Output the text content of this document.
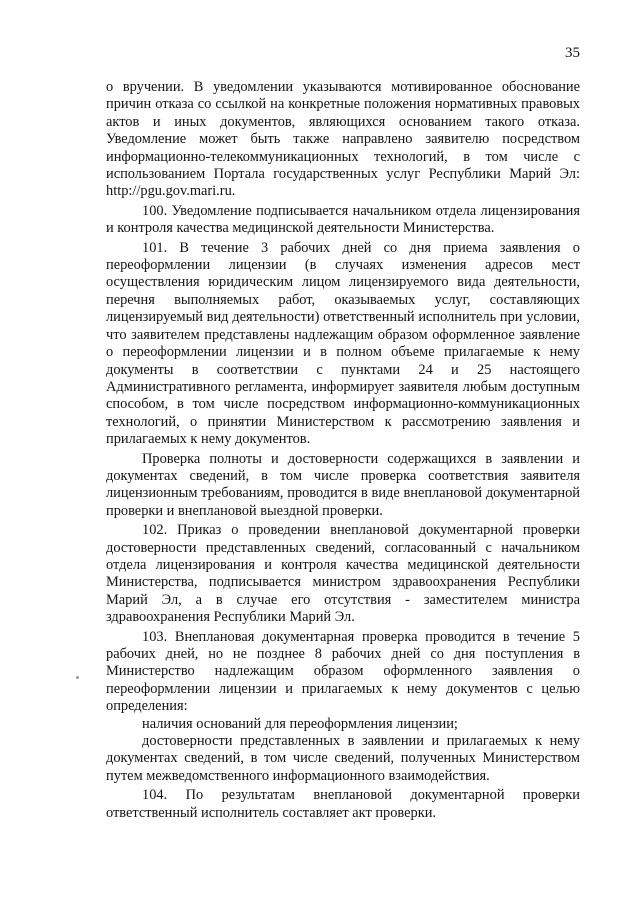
35

о вручении. В уведомлении указываются мотивированное обоснование причин отказа со ссылкой на конкретные положения нормативных правовых актов и иных документов, являющихся основанием такого отказа. Уведомление может быть также направлено заявителю посредством информационно-телекоммуникационных технологий, в том числе с использованием Портала государственных услуг Республики Марий Эл: http://pgu.gov.mari.ru.

100. Уведомление подписывается начальником отдела лицензирования и контроля качества медицинской деятельности Министерства.

101. В течение 3 рабочих дней со дня приема заявления о переоформлении лицензии (в случаях изменения адресов мест осуществления юридическим лицом лицензируемого вида деятельности, перечня выполняемых работ, оказываемых услуг, составляющих лицензируемый вид деятельности) ответственный исполнитель при условии, что заявителем представлены надлежащим образом оформленное заявление о переоформлении лицензии и в полном объеме прилагаемые к нему документы в соответствии с пунктами 24 и 25 настоящего Административного регламента, информирует заявителя любым доступным способом, в том числе посредством информационно-коммуникационных технологий, о принятии Министерством к рассмотрению заявления и прилагаемых к нему документов.

Проверка полноты и достоверности содержащихся в заявлении и документах сведений, в том числе проверка соответствия заявителя лицензионным требованиям, проводится в виде внеплановой документарной проверки и внеплановой выездной проверки.

102. Приказ о проведении внеплановой документарной проверки достоверности представленных сведений, согласованный с начальником отдела лицензирования и контроля качества медицинской деятельности Министерства, подписывается министром здравоохранения Республики Марий Эл, а в случае его отсутствия - заместителем министра здравоохранения Республики Марий Эл.

103. Внеплановая документарная проверка проводится в течение 5 рабочих дней, но не позднее 8 рабочих дней со дня поступления в Министерство надлежащим образом оформленного заявления о переоформлении лицензии и прилагаемых к нему документов с целью определения:

наличия оснований для переоформления лицензии;

достоверности представленных в заявлении и прилагаемых к нему документах сведений, в том числе сведений, полученных Министерством путем межведомственного информационного взаимодействия.

104. По результатам внеплановой документарной проверки ответственный исполнитель составляет акт проверки.
